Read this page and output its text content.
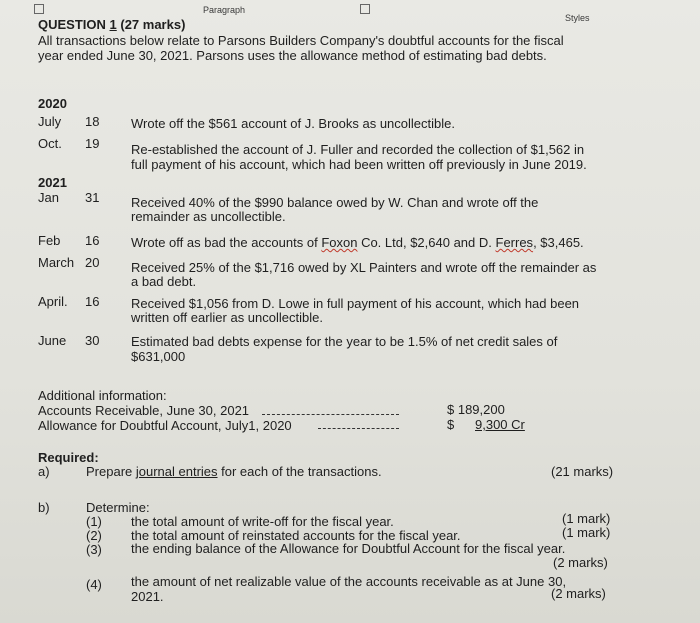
Paragraph
Styles
QUESTION 1 (27 marks)
All transactions below relate to Parsons Builders Company's doubtful accounts for the fiscal
year ended June 30, 2021. Parsons uses the allowance method of estimating bad debts.
2020
July 18 Wrote off the $561 account of J. Brooks as uncollectible.
Oct. 19 Re-established the account of J. Fuller and recorded the collection of $1,562 in
full payment of his account, which had been written off previously in June 2019.
2021
Jan 31 Received 40% of the $990 balance owed by W. Chan and wrote off the
remainder as uncollectible.
Feb 16 Wrote off as bad the accounts of Foxon Co. Ltd, $2,640 and D. Ferres, $3,465.
March 20 Received 25% of the $1,716 owed by XL Painters and wrote off the remainder as
a bad debt.
April. 16 Received $1,056 from D. Lowe in full payment of his account, which had been
written off earlier as uncollectible.
June 30 Estimated bad debts expense for the year to be 1.5% of net credit sales of
$631,000
Additional information:
Accounts Receivable, June 30, 2021	$ 189,200
Allowance for Doubtful Account, July1, 2020	$ 9,300 Cr
Required:
a)	Prepare journal entries for each of the transactions.	(21 marks)
b)	Determine:
(1) the total amount of write-off for the fiscal year.	(1 mark)
(2) the total amount of reinstated accounts for the fiscal year.	(1 mark)
(3) the ending balance of the Allowance for Doubtful Account for the fiscal year.
(2 marks)
(4) the amount of net realizable value of the accounts receivable as at June 30,
2021.	(2 marks)
